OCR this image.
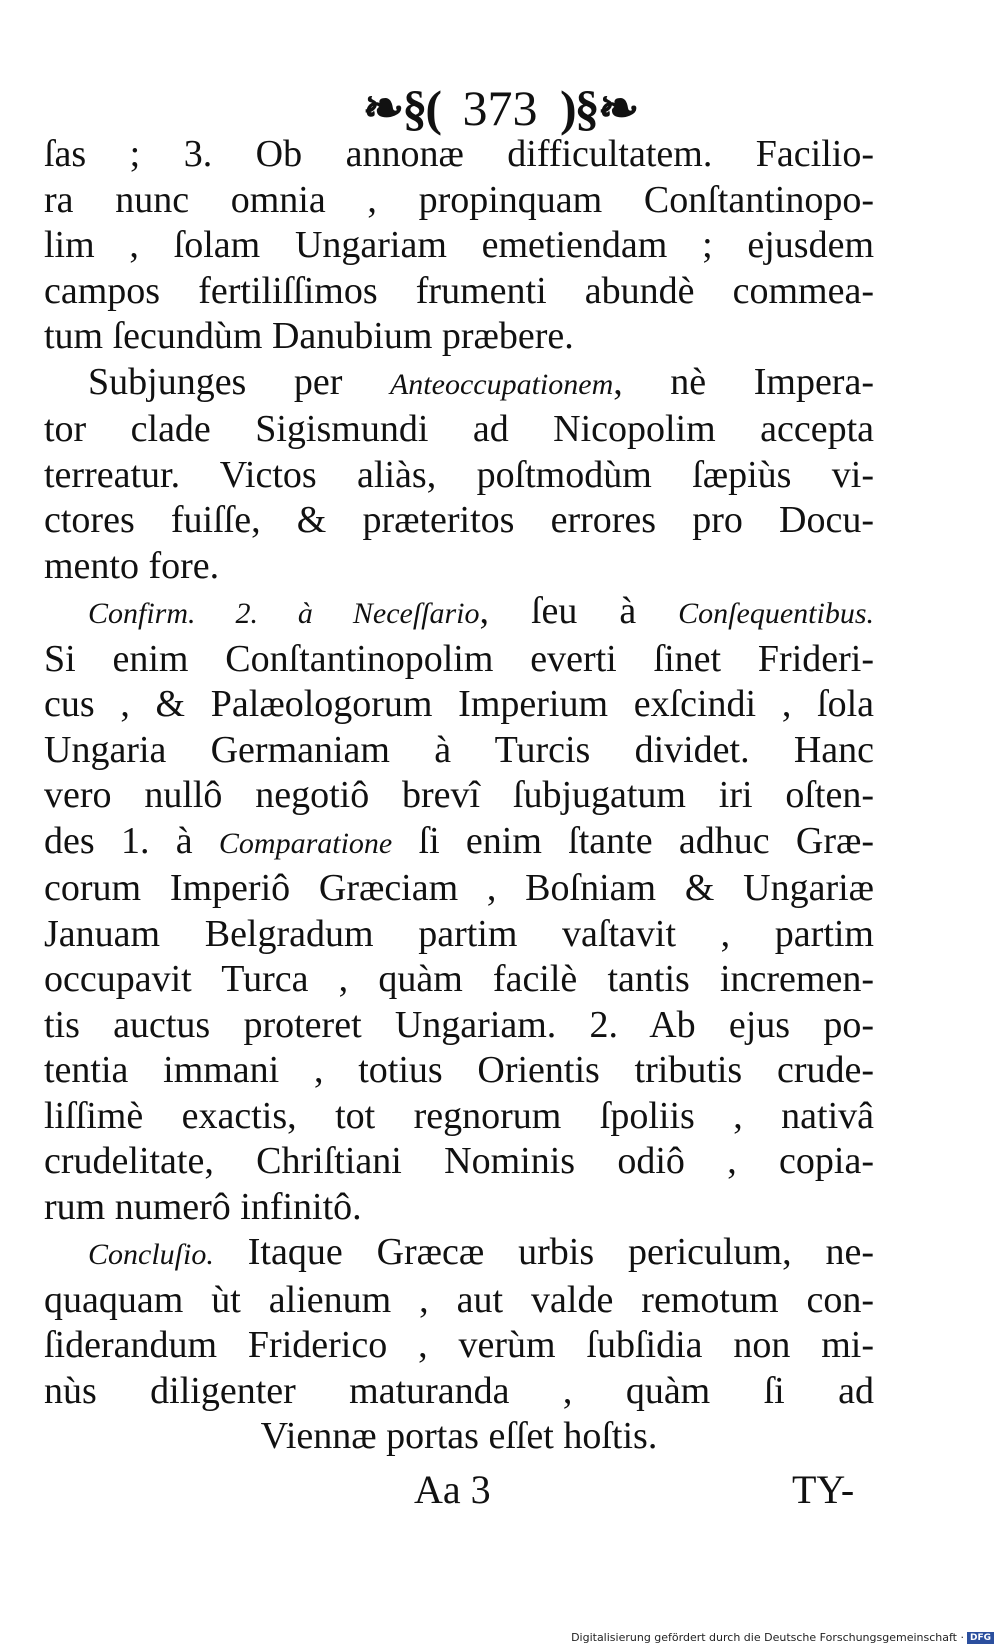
❧§( 373 )§❧
ſas ; 3. Ob annonæ difficultatem. Facilio-
ra nunc omnia , propinquam Conſtantinopo-
lim , ſolam Ungariam emetiendam ; ejusdem
campos fertiliſſimos frumenti abundè commea-
tum ſecundùm Danubium præbere.
Subjunges per Anteoccupationem, nè Impera-
tor clade Sigismundi ad Nicopolim accepta
terreatur. Victos aliàs, poſtmodùm ſæpiùs vi-
ctores fuiſſe, & præteritos errores pro Docu-
mento fore.
Confirm. 2. à Neceſſario, ſeu à Conſequentibus.
Si enim Conſtantinopolim everti ſinet Frideri-
cus , & Palæologorum Imperium exſcindi , ſola
Ungaria Germaniam à Turcis dividet. Hanc
vero nullô negotiô brevî ſubjugatum iri oſten-
des 1. à Comparatione ſi enim ſtante adhuc Græ-
corum Imperiô Græciam , Boſniam & Ungariæ
Januam Belgradum partim vaſtavit , partim
occupavit Turca , quàm facilè tantis incremen-
tis auctus proteret Ungariam. 2. Ab ejus po-
tentia immani , totius Orientis tributis crude-
liſſimè exactis, tot regnorum ſpoliis , nativâ
crudelitate, Chriſtiani Nominis odiô , copia-
rum numerô infinitô.
Concluſio. Itaque Græcæ urbis periculum, ne-
quaquam ùt alienum , aut valde remotum con-
ſiderandum Friderico , verùm ſubſidia non mi-
nùs diligenter maturanda , quàm ſi ad
Viennæ portas eſſet hoſtis.
Aa 3	TY-
Digitalisierung gefördert durch die Deutsche Forschungsgemeinschaft · DFG
